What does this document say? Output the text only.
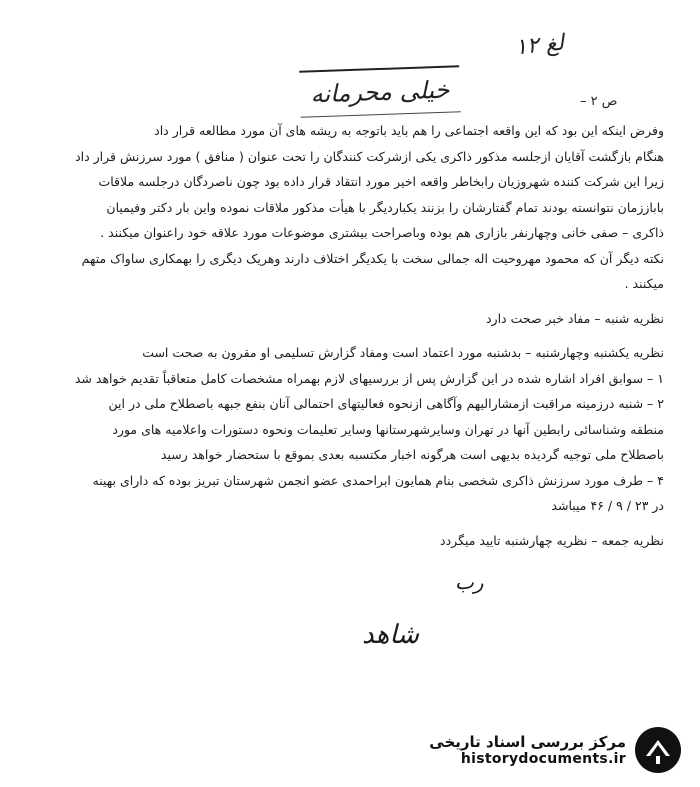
۱۲ لغ
خیلی محرمانه	ص ۲ –

وفرض اینکه این بود که این واقعه اجتماعی را هم باید باتوجه به ریشه های آن مورد مطالعه قرار داد

هنگام بازگشت آقایان ازجلسه مذکور ذاکری یکی ازشرکت کنندگان را تحت عنوان ( منافق ) مورد سرزنش قرار داد

زیرا این شرکت کننده شهروزیان رابخاطر واقعه اخیر مورد انتقاد قرار داده بود چون ناصردگان درجلسه ملاقات

باباززمان نتوانسته بودند تمام گفتارشان را بزنند یکباردیگر با هیأت مذکور ملاقات نموده واین بار دکتر وفیمیان

ذاکری – صفی خانی وچهارنفر بازاری هم بوده وباصراحت بیشتری موضوعات مورد علاقه خود راعنوان میکنند .

نکته دیگر آن که محمود مهروحیت اله جمالی سخت با یکدیگر اختلاف دارند وهریک دیگری را بهمکاری ساواک متهم

میکنند .

نظریه شنبه – مفاد خبر صحت دارد

نظریه یکشنبه وچهارشنبه – بدشنبه مورد اعتماد است ومفاد گزارش تسلیمی او مقرون به صحت است

۱ – سوابق افراد اشاره شده در این گزارش پس از بررسیهای لازم بهمراه مشخصات کامل متعاقباً تقدیم خواهد شد

۲ – شنبه درزمینه مراقبت ازمشارالیهم وآگاهی ازنحوه فعالیتهای احتمالی آنان بنفع جبهه باصطلاح ملی در این

منطقه وشناسائی رابطین آنها در تهران وسایرشهرستانها وسایر تعلیمات ونحوه دستورات واعلامیه های مورد

باصطلاح ملی توجیه گردیده بدیهی است هرگونه اخبار مکتسبه بعدی بموقع با ستحضار خواهد رسید

۴ – طرف مورد سرزنش ذاکری شخصی بنام همایون ابراحمدی عضو انجمن شهرستان تبریز بوده که دارای بهینه

در ۲۳ / ۹ / ۴۶ میباشد

نظریه جمعه – نظریه چهارشنبه تایید میگردد

رب
شاهد
مرکز بررسی اسناد تاریخی
historydocuments.ir
